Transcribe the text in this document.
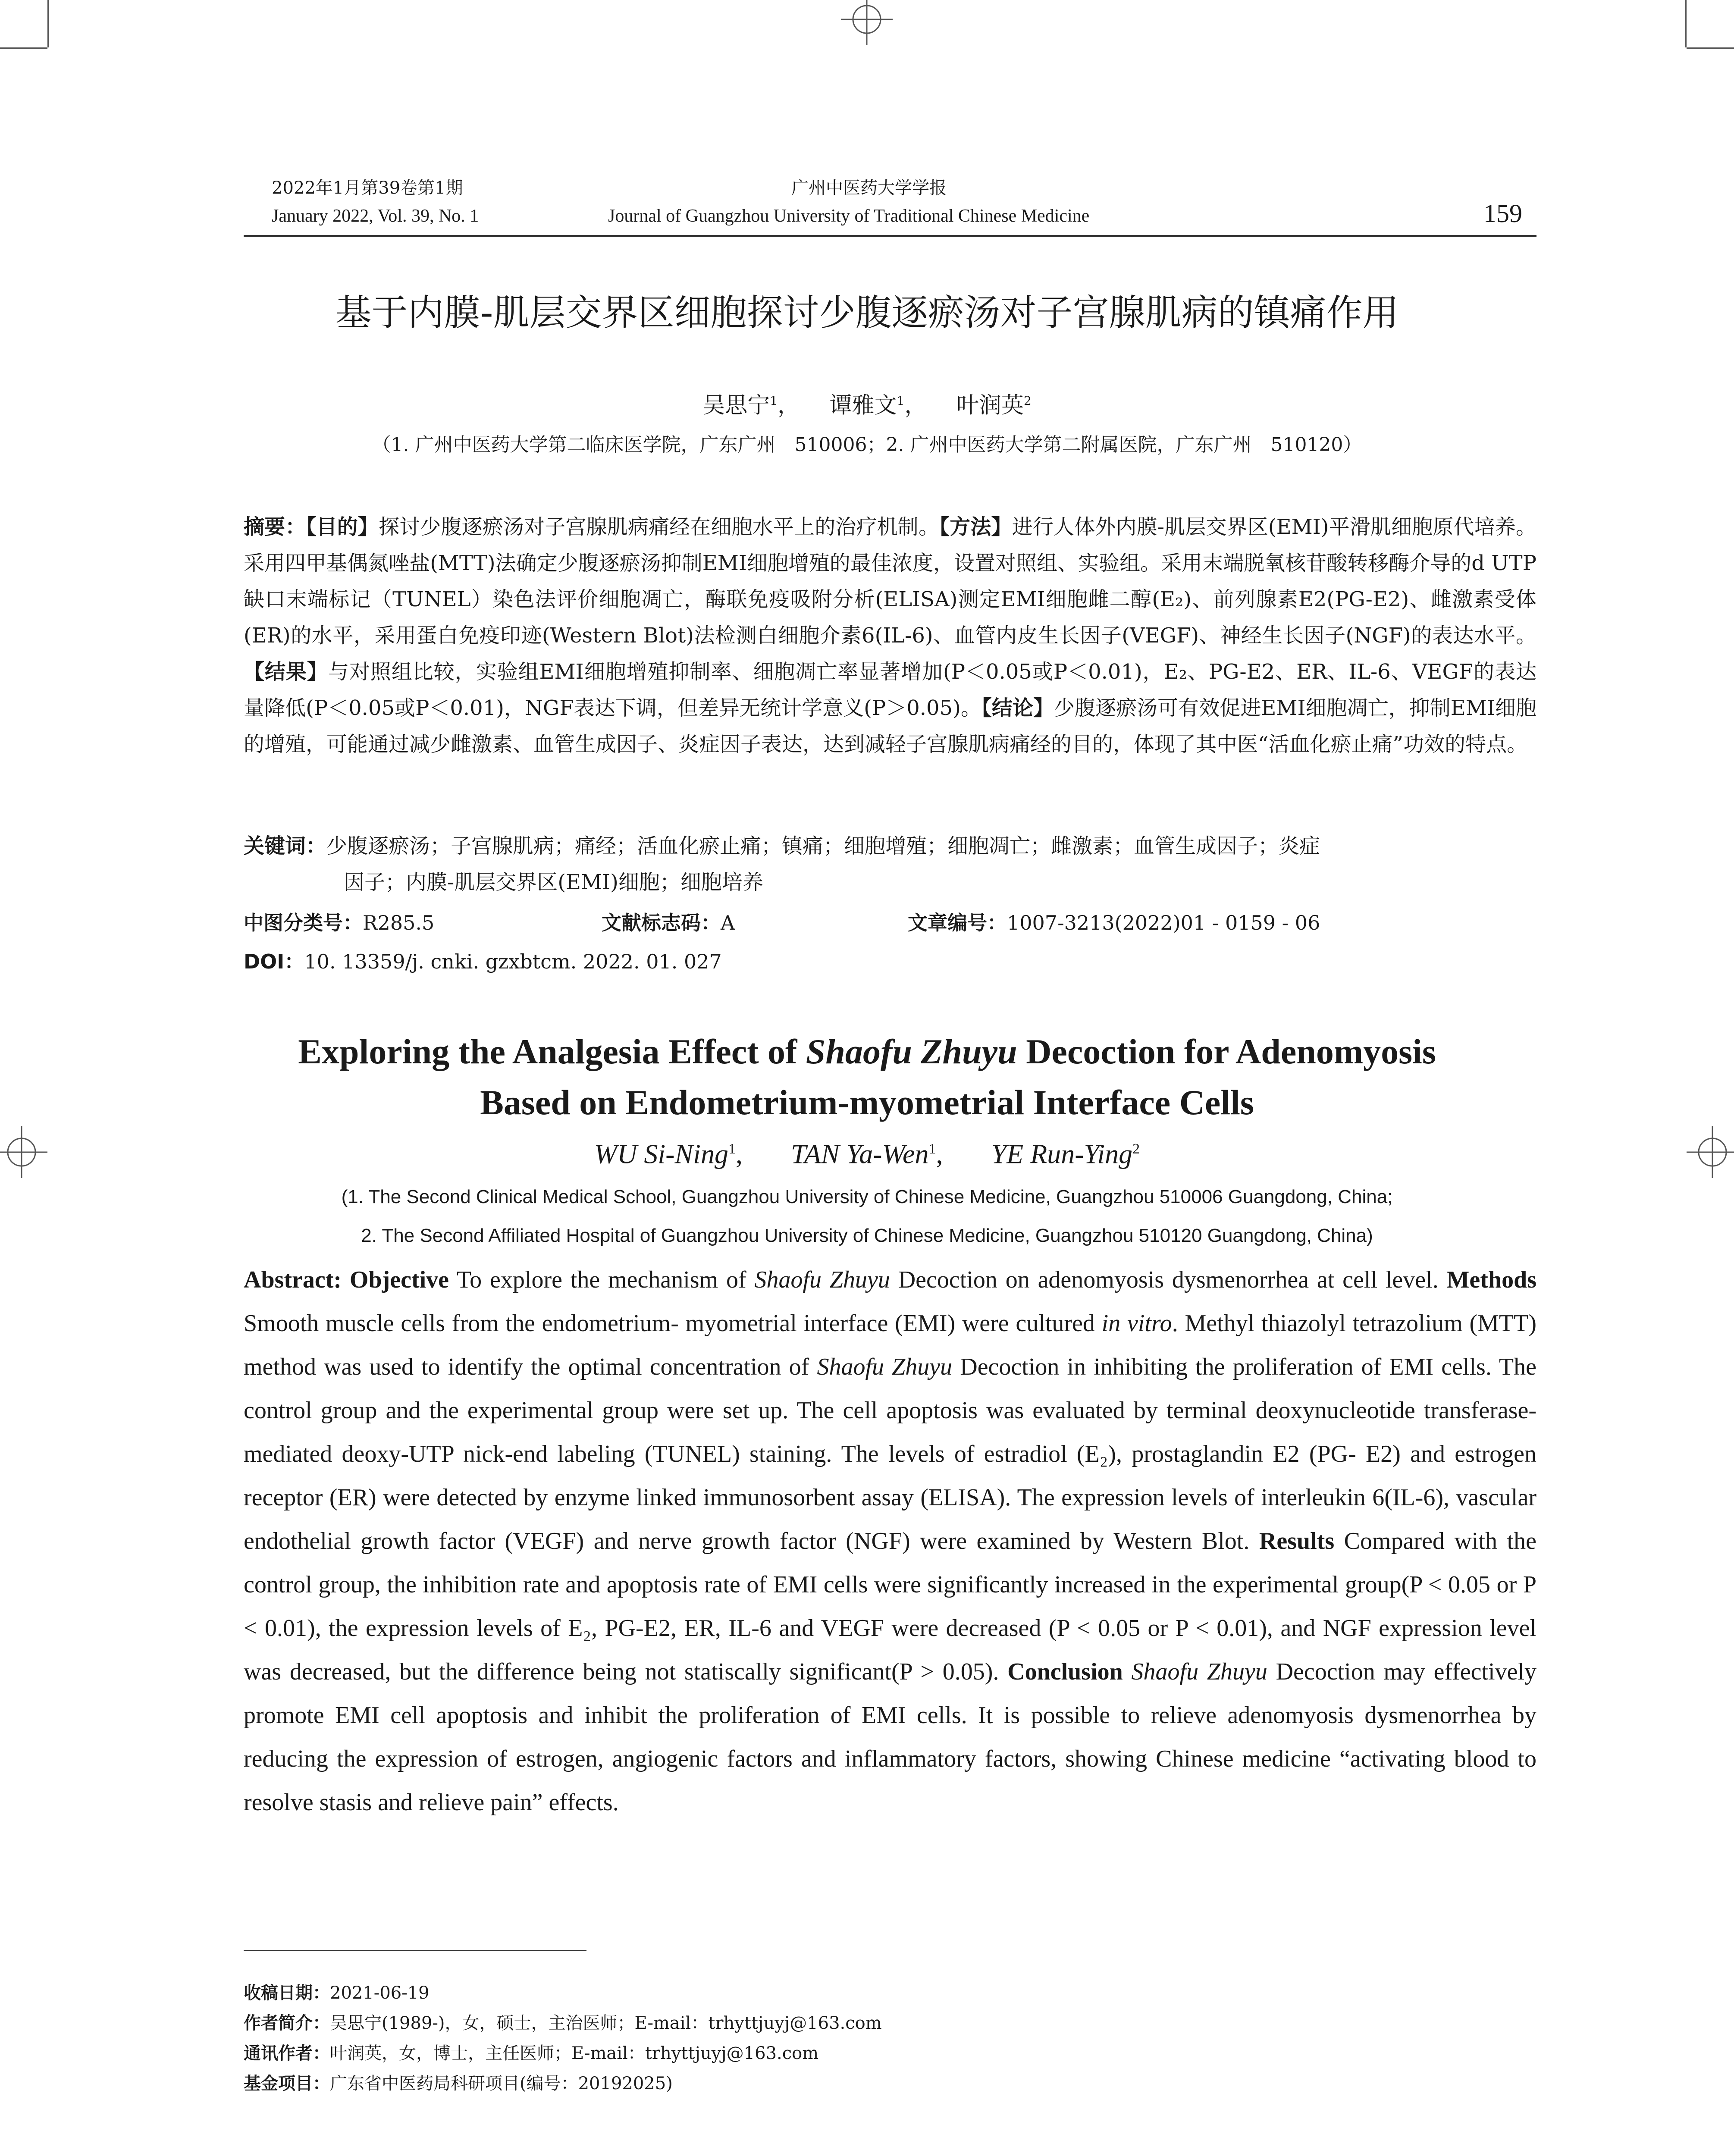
2022年1月第39卷第1期
January 2022, Vol. 39, No. 1
广州中医药大学学报
Journal of Guangzhou University of Traditional Chinese Medicine	159
基于内膜-肌层交界区细胞探讨少腹逐瘀汤对子宫腺肌病的镇痛作用
吴思宁$^1$，  谭雅文$^1$，  叶润英$^2$
（1. 广州中医药大学第二临床医学院，广东广州　510006；2. 广州中医药大学第二附属医院，广东广州　510120）
摘要：【目的】探讨少腹逐瘀汤对子宫腺肌病痛经在细胞水平上的治疗机制。【方法】进行人体外内膜-肌层交界区(EMI)平滑肌细胞原代培养。采用四甲基偶氮唑盐(MTT)法确定少腹逐瘀汤抑制EMI细胞增殖的最佳浓度，设置对照组、实验组。采用末端脱氧核苷酸转移酶介导的d UTP缺口末端标记（TUNEL）染色法评价细胞凋亡，酶联免疫吸附分析(ELISA)测定EMI细胞雌二醇(E₂)、前列腺素E2(PG-E2)、雌激素受体(ER)的水平，采用蛋白免疫印迹(Western Blot)法检测白细胞介素6(IL-6)、血管内皮生长因子(VEGF)、神经生长因子(NGF)的表达水平。【结果】与对照组比较，实验组EMI细胞增殖抑制率、细胞凋亡率显著增加(P＜0.05或P＜0.01)，E₂、PG-E2、ER、IL-6、VEGF的表达量降低(P＜0.05或P＜0.01)，NGF表达下调，但差异无统计学意义(P＞0.05)。【结论】少腹逐瘀汤可有效促进EMI细胞凋亡，抑制EMI细胞的增殖，可能通过减少雌激素、血管生成因子、炎症因子表达，达到减轻子宫腺肌病痛经的目的，体现了其中医“活血化瘀止痛”功效的特点。
关键词：少腹逐瘀汤；子宫腺肌病；痛经；活血化瘀止痛；镇痛；细胞增殖；细胞凋亡；雌激素；血管生成因子；炎症
因子；内膜-肌层交界区(EMI)细胞；细胞培养
中图分类号：R285.5	文献标志码：A	文章编号：1007-3213(2022)01 - 0159 - 06
DOI：10. 13359/j. cnki. gzxbtcm. 2022. 01. 027
Exploring the Analgesia Effect of Shaofu Zhuyu Decoction for Adenomyosis
Based on Endometrium-myometrial Interface Cells
WU Si-Ning$^1$,   TAN Ya-Wen$^1$,   YE Run-Ying$^2$
(1. The Second Clinical Medical School, Guangzhou University of Chinese Medicine, Guangzhou 510006 Guangdong, China;
2. The Second Affiliated Hospital of Guangzhou University of Chinese Medicine, Guangzhou 510120 Guangdong, China)
Abstract: Objective To explore the mechanism of Shaofu Zhuyu Decoction on adenomyosis dysmenorrhea at cell level. Methods Smooth muscle cells from the endometrium- myometrial interface (EMI) were cultured in vitro. Methyl thiazolyl tetrazolium (MTT) method was used to identify the optimal concentration of Shaofu Zhuyu Decoction in inhibiting the proliferation of EMI cells. The control group and the experimental group were set up. The cell apoptosis was evaluated by terminal deoxynucleotide transferase-mediated deoxy-UTP nick-end labeling (TUNEL) staining. The levels of estradiol (E₂), prostaglandin E2 (PG- E2) and estrogen receptor (ER) were detected by enzyme linked immunosorbent assay (ELISA). The expression levels of interleukin 6(IL-6), vascular endothelial growth factor (VEGF) and nerve growth factor (NGF) were examined by Western Blot. Results Compared with the control group, the inhibition rate and apoptosis rate of EMI cells were significantly increased in the experimental group(P < 0.05 or P < 0.01), the expression levels of E₂, PG-E2, ER, IL-6 and VEGF were decreased (P < 0.05 or P < 0.01), and NGF expression level was decreased, but the difference being not statiscally significant(P > 0.05). Conclusion Shaofu Zhuyu Decoction may effectively promote EMI cell apoptosis and inhibit the proliferation of EMI cells. It is possible to relieve adenomyosis dysmenorrhea by reducing the expression of estrogen, angiogenic factors and inflammatory factors, showing Chinese medicine “activating blood to resolve stasis and relieve pain” effects.
收稿日期：2021-06-19
作者简介：吴思宁(1989-)，女，硕士，主治医师；E-mail：trhyttjuyj@163.com
通讯作者：叶润英，女，博士，主任医师；E-mail：trhyttjuyj@163.com
基金项目：广东省中医药局科研项目(编号：20192025)
